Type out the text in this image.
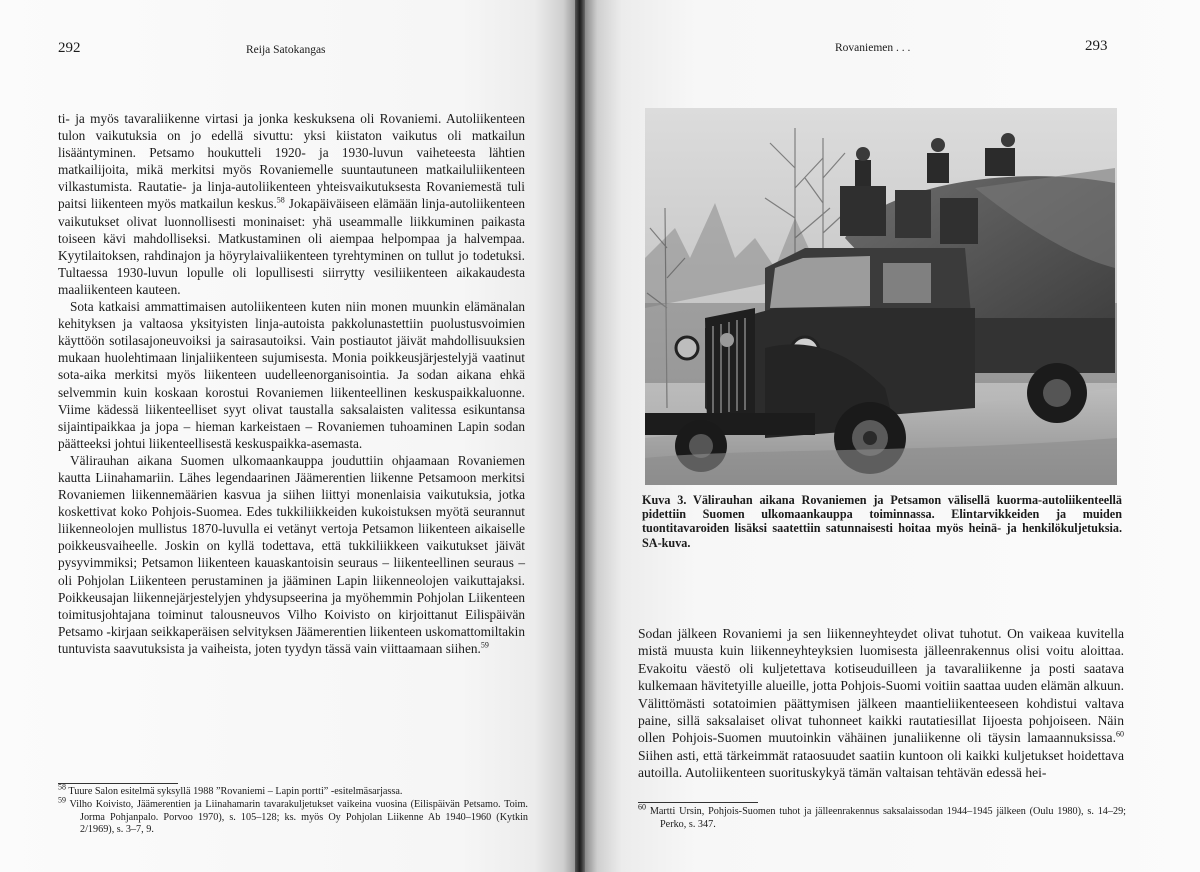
292	Reija Satokangas

ti- ja myös tavaraliikenne virtasi ja jonka keskuksena oli Rovaniemi. Autoliikenteen tulon vaikutuksia on jo edellä sivuttu: yksi kiistaton vaikutus oli matkailun lisääntyminen. Petsamo houkutteli 1920- ja 1930-luvun vaiheteesta lähtien matkailijoita, mikä merkitsi myös Rovaniemelle suuntautuneen matkailuliikenteen vilkastumista. Rautatie- ja linja-autoliikenteen yhteisvaikutuksesta Rovaniemestä tuli paitsi liikenteen myös matkailun keskus.$^{58}$ Jokapäiväiseen elämään linja-autoliikenteen vaikutukset olivat luonnollisesti moninaiset: yhä useammalle liikkuminen paikasta toiseen kävi mahdolliseksi. Matkustaminen oli aiempaa helpompaa ja halvempaa. Kyytilaitoksen, rahdinajon ja höyrylaivaliikenteen tyrehtyminen on tullut jo todetuksi. Tultaessa 1930-luvun lopulle oli lopullisesti siirrytty vesiliikenteen aikakaudesta maaliikenteen kauteen.

Sota katkaisi ammattimaisen autoliikenteen kuten niin monen muunkin elämänalan kehityksen ja valtaosa yksityisten linja-autoista pakkolunastettiin puolustusvoimien käyttöön sotilasajoneuvoiksi ja sairasautoiksi. Vain postiautot jäivät mahdollisuuksien mukaan huolehtimaan linjaliikenteen sujumisesta. Monia poikkeusjärjestelyjä vaatinut sota-aika merkitsi myös liikenteen uudelleenorganisointia. Ja sodan aikana ehkä selvemmin kuin koskaan korostui Rovaniemen liikenteellinen keskuspaikkaluonne. Viime kädessä liikenteelliset syyt olivat taustalla saksalaisten valitessa esikuntansa sijaintipaikkaa ja jopa – hieman karkeistaen – Rovaniemen tuhoaminen Lapin sodan päätteeksi johtui liikenteellisestä keskuspaikka-asemasta.

Välirauhan aikana Suomen ulkomaankauppa jouduttiin ohjaamaan Rovaniemen kautta Liinahamariin. Lähes legendaarinen Jäämerentien liikenne Petsamoon merkitsi Rovaniemen liikennemäärien kasvua ja siihen liittyi monenlaisia vaikutuksia, jotka koskettivat koko Pohjois-Suomea. Edes tukkiliikkeiden kukoistuksen myötä seurannut liikenneolojen mullistus 1870-luvulla ei vetänyt vertoja Petsamon liikenteen aikaiselle poikkeusvaiheelle. Joskin on kyllä todettava, että tukkiliikkeen vaikutukset jäivät pysyvimmiksi; Petsamon liikenteen kauaskantoisin seuraus – liikenteellinen seuraus – oli Pohjolan Liikenteen perustaminen ja jääminen Lapin liikenneolojen vaikuttajaksi. Poikkeusajan liikennejärjestelyjen yhdysupseerina ja myöhemmin Pohjolan Liikenteen toimitusjohtajana toiminut talousneuvos Vilho Koivisto on kirjoittanut Eilispäivän Petsamo -kirjaan seikkaperäisen selvityksen Jäämerentien liikenteen uskomattomiltakin tuntuvista saavutuksista ja vaiheista, joten tyydyn tässä vain viittaamaan siihen.$^{59}$

$^{58}$ Tuure Salon esitelmä syksyllä 1988 ”Rovaniemi – Lapin portti” -esitelmäsarjassa.

$^{59}$ Vilho Koivisto, Jäämerentien ja Liinahamarin tavarakuljetukset vaikeina vuosina (Eilispäivän Petsamo. Toim. Jorma Pohjanpalo. Porvoo 1970), s. 105–128; ks. myös Oy Pohjolan Liikenne Ab 1940–1960 (Kytkin 2/1969), s. 3–7, 9.

Rovaniemen . . .	293
Kuva 3. Välirauhan aikana Rovaniemen ja Petsamon välisellä kuorma-autoliikenteellä pidettiin Suomen ulkomaankauppa toiminnassa. Elintarvikkeiden ja muiden tuontitavaroiden lisäksi saatettiin satunnaisesti hoitaa myös heinä- ja henkilökuljetuksia. SA-kuva.

Sodan jälkeen Rovaniemi ja sen liikenneyhteydet olivat tuhotut. On vaikeaa kuvitella mistä muusta kuin liikenneyhteyksien luomisesta jälleenrakennus olisi voitu aloittaa. Evakoitu väestö oli kuljetettava kotiseuduilleen ja tavaraliikenne ja posti saatava kulkemaan hävitetyille alueille, jotta Pohjois-Suomi voitiin saattaa uuden elämän alkuun. Välittömästi sotatoimien päättymisen jälkeen maantieliikenteeseen kohdistui valtava paine, sillä saksalaiset olivat tuhonneet kaikki rautatiesillat Iijoesta pohjoiseen. Näin ollen Pohjois-Suomen muutoinkin vähäinen junaliikenne oli täysin lamaannuksissa.$^{60}$ Siihen asti, että tärkeimmät rataosuudet saatiin kuntoon oli kaikki kuljetukset hoidettava autoilla. Autoliikenteen suorituskykyä tämän valtaisan tehtävän edessä hei-

$^{60}$ Martti Ursin, Pohjois-Suomen tuhot ja jälleenrakennus saksalaissodan 1944–1945 jälkeen (Oulu 1980), s. 14–29; Perko, s. 347.
